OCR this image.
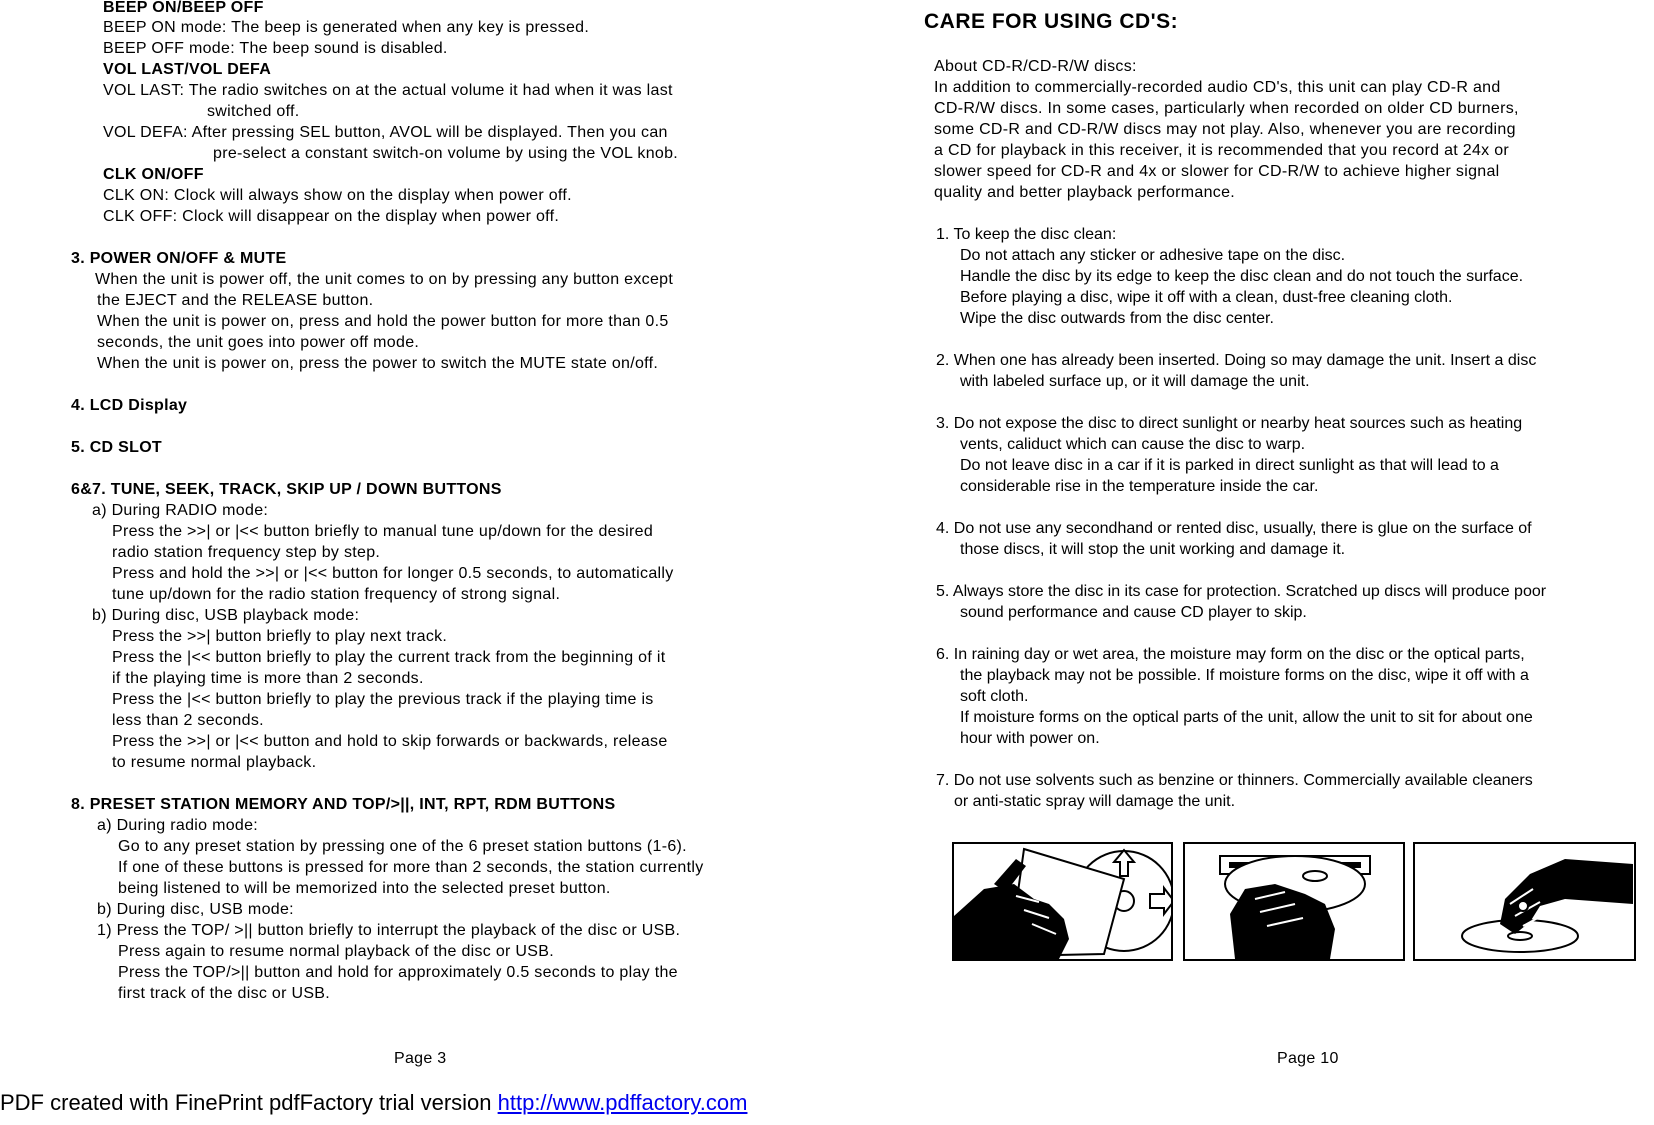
BEEP ON/BEEP OFF
BEEP ON mode: The beep is generated when any key is pressed.
BEEP OFF mode: The beep sound is disabled.
VOL LAST/VOL DEFA
VOL LAST: The radio switches on at the actual volume it had when it was last
switched off.
VOL DEFA: After pressing SEL button, AVOL will be displayed. Then you can
pre-select a constant switch-on volume by using the VOL knob.
CLK ON/OFF
CLK ON: Clock will always show on the display when power off.
CLK OFF: Clock will disappear on the display when power off.
3. POWER ON/OFF & MUTE
When the unit is power off, the unit comes to on by pressing any button except
the EJECT and the RELEASE button.
When the unit is power on, press and hold the power button for more than 0.5
seconds, the unit goes into power off mode.
When the unit is power on, press the power to switch the MUTE state on/off.
4. LCD Display
5. CD SLOT
6&7. TUNE, SEEK, TRACK, SKIP UP / DOWN BUTTONS
a) During RADIO mode:
Press the >>| or |<< button briefly to manual tune up/down for the desired
radio station frequency step by step.
Press and hold the >>| or |<< button for longer 0.5 seconds, to automatically
tune up/down for the radio station frequency of strong signal.
b) During disc, USB playback mode:
Press the >>| button briefly to play next track.
Press the |<< button briefly to play the current track from the beginning of it
if the playing time is more than 2 seconds.
Press the |<< button briefly to play the previous track if the playing time is
less than 2 seconds.
Press the >>| or |<< button and hold to skip forwards or backwards, release
to resume normal playback.
8. PRESET STATION MEMORY AND TOP/>||, INT, RPT, RDM BUTTONS
a) During radio mode:
Go to any preset station by pressing one of the 6 preset station buttons (1-6).
If one of these buttons is pressed for more than 2 seconds, the station currently
being listened to will be memorized into the selected preset button.
b) During disc, USB mode:
1) Press the TOP/ >|| button briefly to interrupt the playback of the disc or USB.
Press again to resume normal playback of the disc or USB.
Press the TOP/>|| button and hold for approximately 0.5 seconds to play the
first track of the disc or USB.
Page 3
CARE FOR USING CD'S:
About CD-R/CD-R/W discs:
In addition to commercially-recorded audio CD's, this unit can play CD-R and
CD-R/W discs. In some cases, particularly when recorded on older CD burners,
some CD-R and CD-R/W discs may not play. Also, whenever you are recording
a CD for playback in this receiver, it is recommended that you record at 24x or
slower speed for CD-R and 4x or slower for CD-R/W to achieve higher signal
quality and better playback performance.
1. To keep the disc clean:
Do not attach any sticker or adhesive tape on the disc.
Handle the disc by its edge to keep the disc clean and do not touch the surface.
Before playing a disc, wipe it off with a clean, dust-free cleaning cloth.
Wipe the disc outwards from the disc center.
2. When one has already been inserted. Doing so may damage the unit. Insert a disc
with labeled surface up, or it will damage the unit.
3. Do not expose the disc to direct sunlight or nearby heat sources such as heating
vents, caliduct which can cause the disc to warp.
Do not leave disc in a car if it is parked in direct sunlight as that will lead to a
considerable rise in the temperature inside the car.
4. Do not use any secondhand or rented disc, usually, there is glue on the surface of
those discs, it will stop the unit working and damage it.
5. Always store the disc in its case for protection. Scratched up discs will produce poor
sound performance and cause CD player to skip.
6. In raining day or wet area, the moisture may form on the disc or the optical parts,
the playback may not be possible. If moisture forms on the disc, wipe it off with a
soft cloth.
If moisture forms on the optical parts of the unit, allow the unit to sit for about one
hour with power on.
7. Do not use solvents such as benzine or thinners. Commercially available cleaners
or anti-static spray will damage the unit.
Page 10
PDF created with FinePrint pdfFactory trial version http://www.pdffactory.com
